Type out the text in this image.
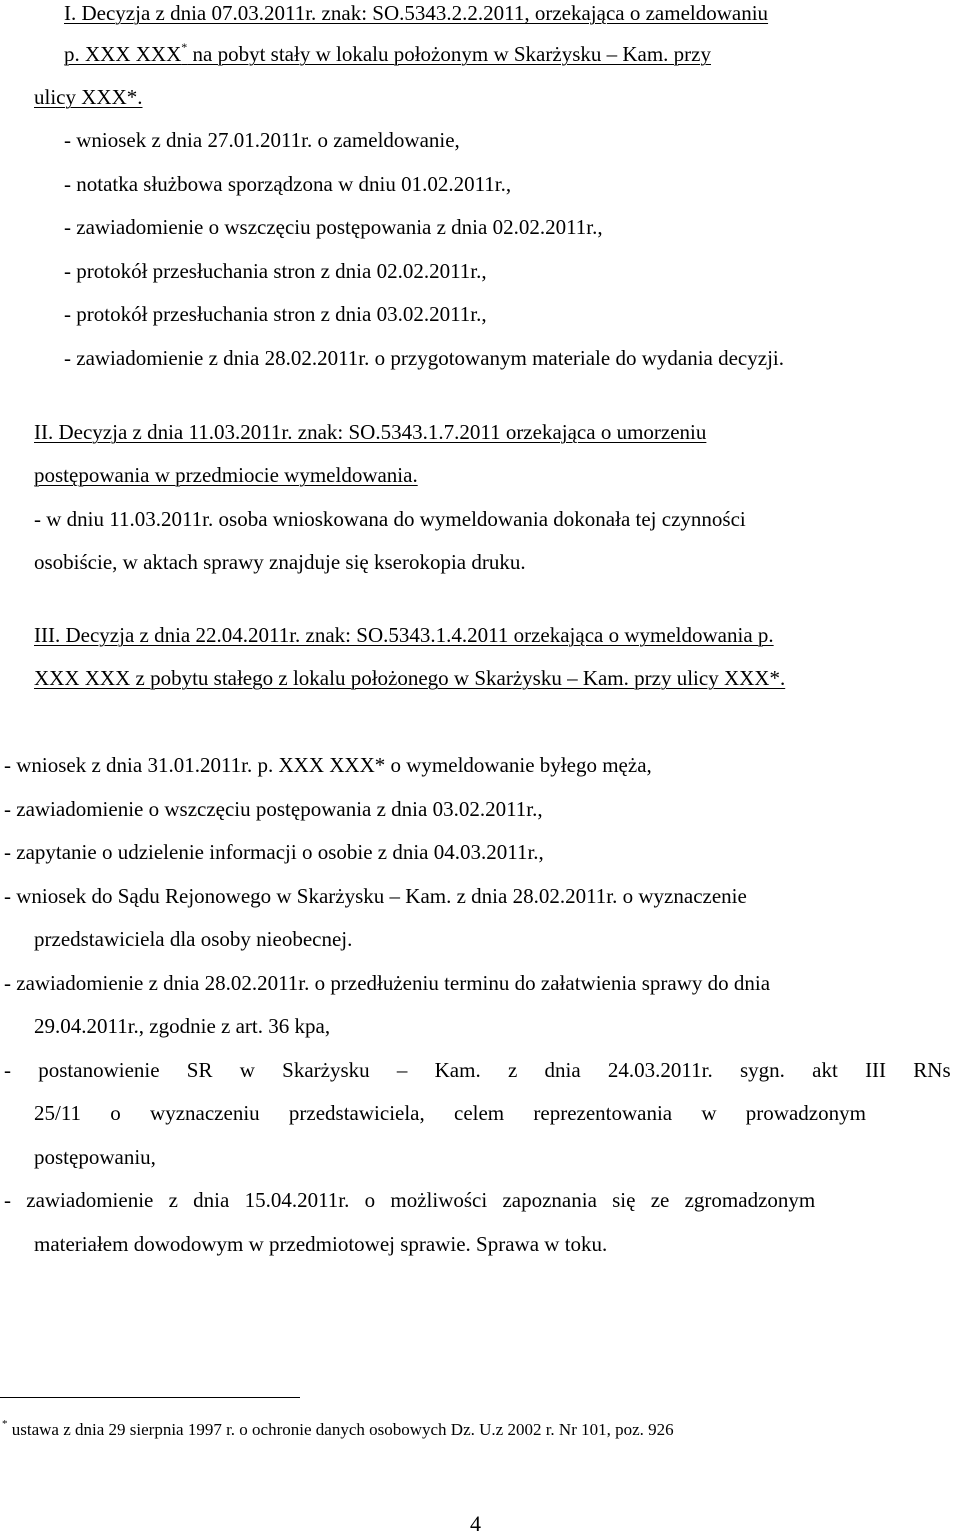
I. Decyzja z dnia 07.03.2011r. znak: SO.5343.2.2.2011, orzekająca o zameldowaniu
p. XXX XXX* na pobyt stały w lokalu położonym w Skarżysku – Kam. przy
ulicy XXX*.
- wniosek z dnia 27.01.2011r. o zameldowanie,
- notatka służbowa sporządzona w dniu 01.02.2011r.,
- zawiadomienie o wszczęciu postępowania z dnia 02.02.2011r.,
- protokół przesłuchania stron z dnia 02.02.2011r.,
- protokół przesłuchania stron z dnia 03.02.2011r.,
- zawiadomienie z dnia 28.02.2011r. o przygotowanym materiale do wydania decyzji.
II. Decyzja z dnia 11.03.2011r. znak: SO.5343.1.7.2011 orzekająca o umorzeniu
postępowania w przedmiocie wymeldowania.
- w dniu 11.03.2011r. osoba wnioskowana do wymeldowania dokonała tej czynności
osobiście, w aktach sprawy znajduje się kserokopia druku.
III. Decyzja z dnia 22.04.2011r. znak: SO.5343.1.4.2011 orzekająca o wymeldowania p.
XXX XXX z pobytu stałego z lokalu położonego w Skarżysku – Kam. przy ulicy XXX*.
- wniosek z dnia 31.01.2011r. p. XXX XXX* o wymeldowanie byłego męża,
- zawiadomienie o wszczęciu postępowania z dnia 03.02.2011r.,
- zapytanie o udzielenie informacji o osobie z dnia 04.03.2011r.,
- wniosek do Sądu Rejonowego w Skarżysku – Kam. z dnia 28.02.2011r. o wyznaczenie
przedstawiciela dla osoby nieobecnej.
- zawiadomienie z dnia 28.02.2011r. o przedłużeniu terminu do załatwienia sprawy do dnia
29.04.2011r., zgodnie z art. 36 kpa,
- postanowienie SR w Skarżysku – Kam. z dnia 24.03.2011r. sygn. akt III RNs
25/11 o wyznaczeniu przedstawiciela, celem reprezentowania w prowadzonym
postępowaniu,
- zawiadomienie z dnia 15.04.2011r. o możliwości zapoznania się ze zgromadzonym
materiałem dowodowym w przedmiotowej sprawie. Sprawa w toku.
* ustawa z dnia 29 sierpnia 1997 r. o ochronie danych osobowych Dz. U.z 2002 r. Nr 101, poz. 926
4
